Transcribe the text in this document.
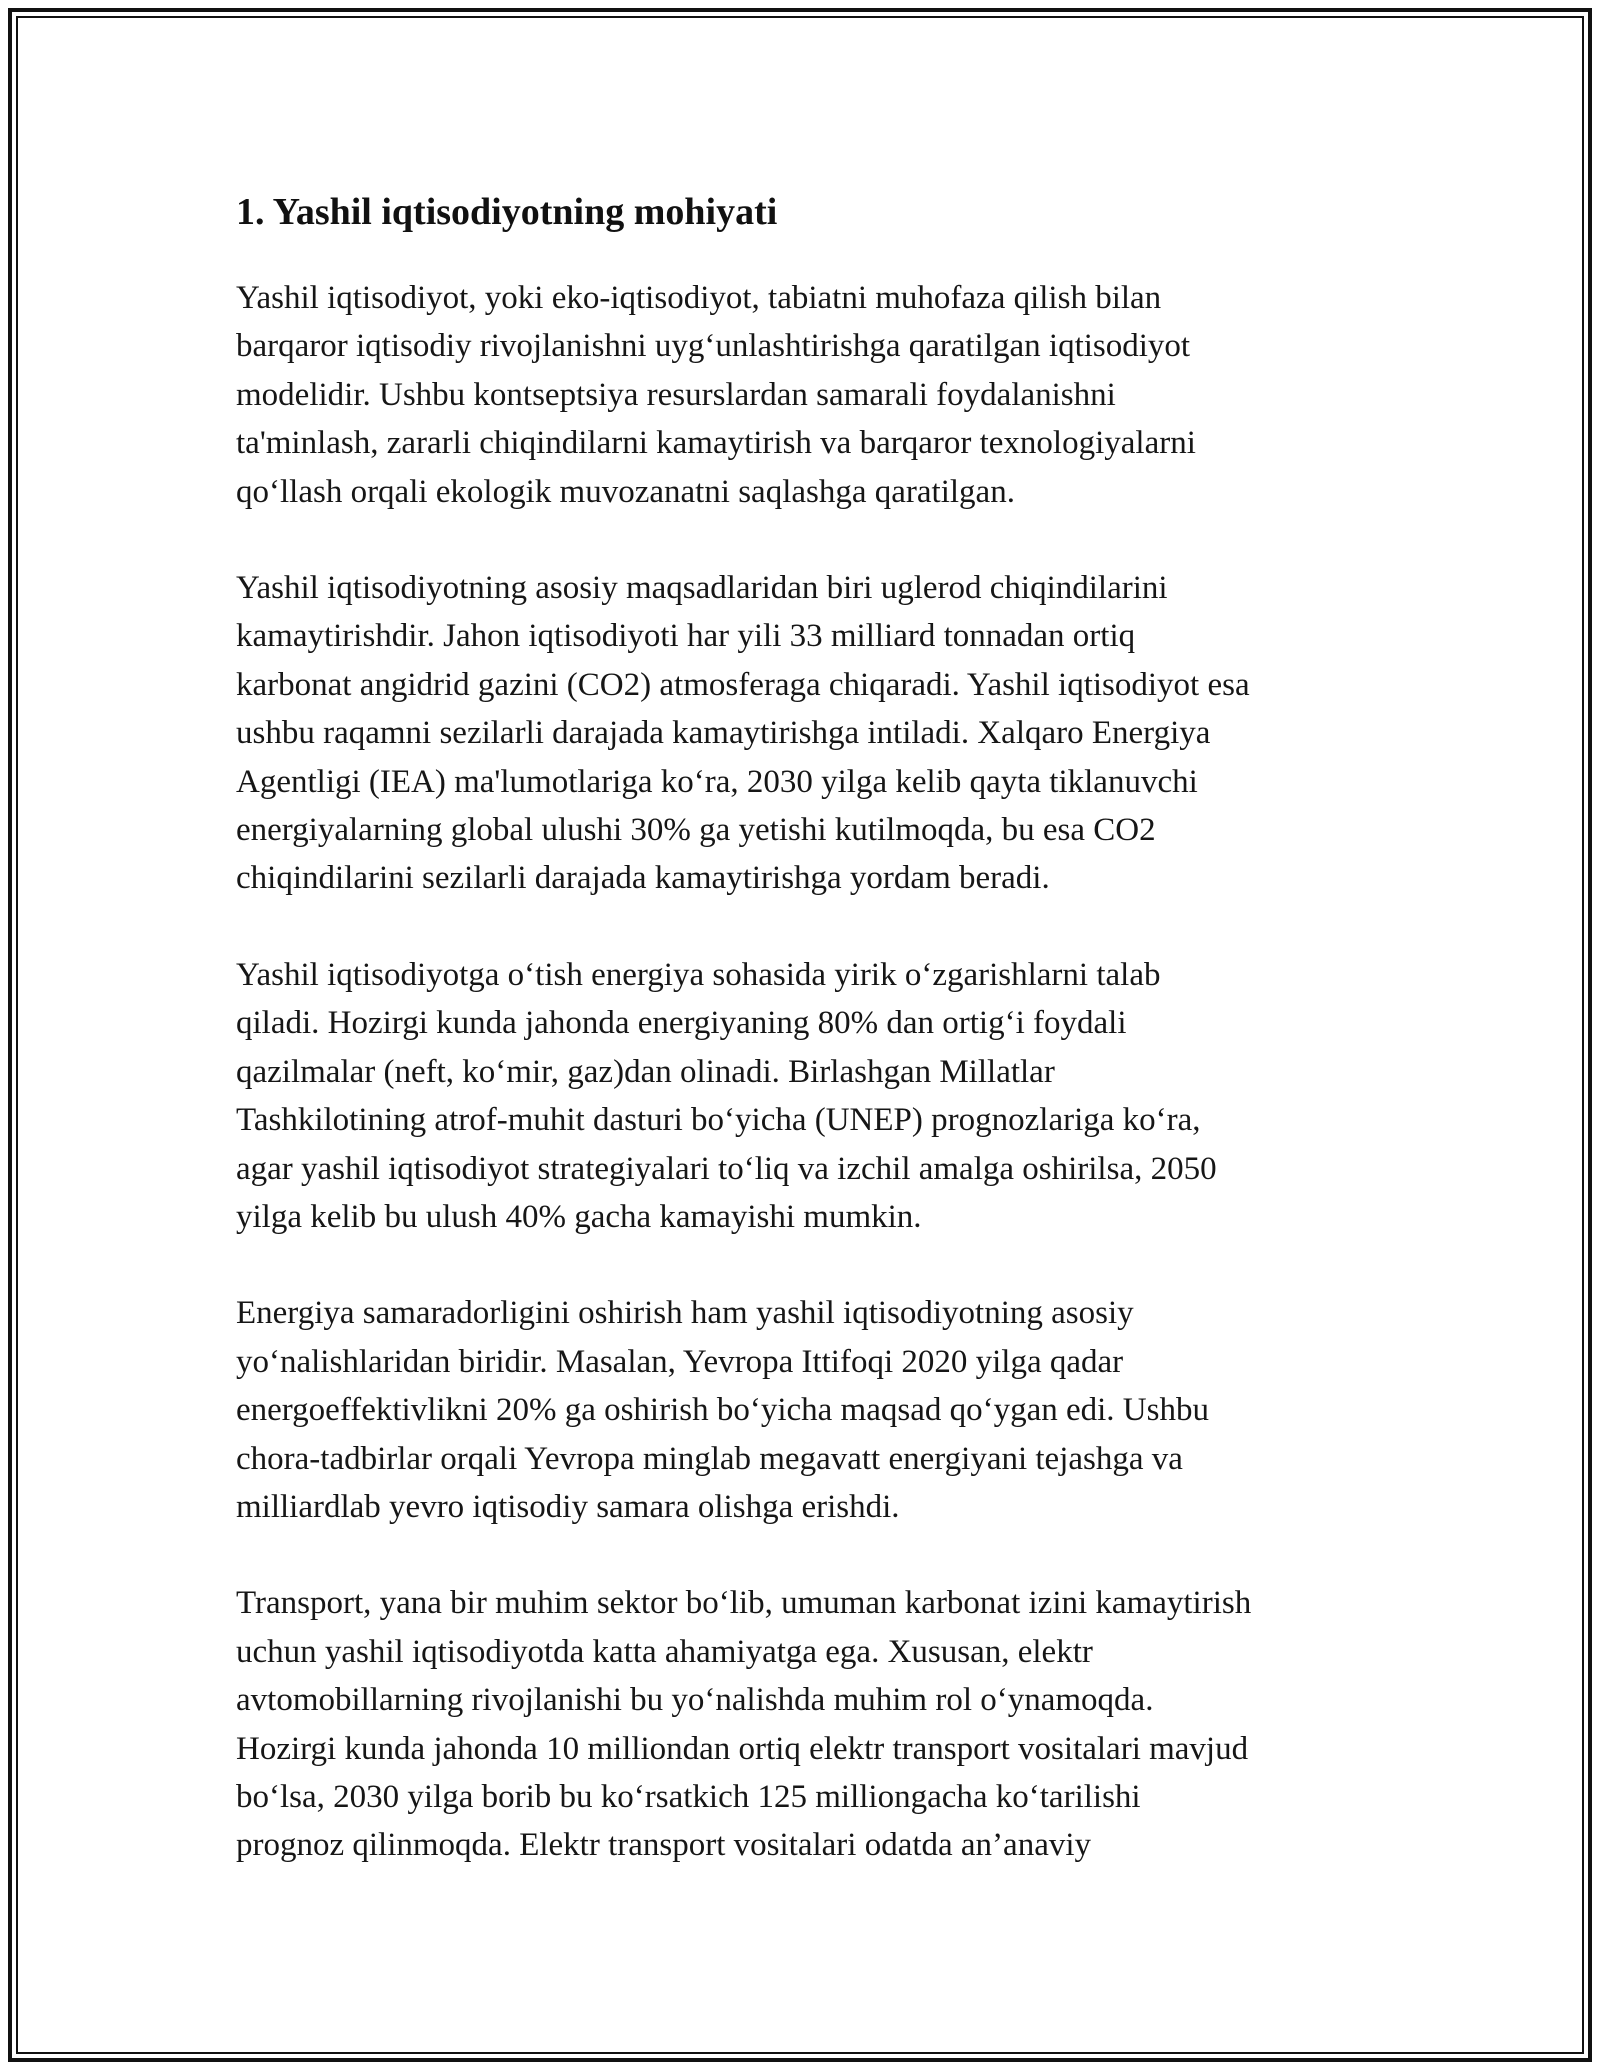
1. Yashil iqtisodiyotning mohiyati

Yashil iqtisodiyot, yoki eko-iqtisodiyot, tabiatni muhofaza qilish bilan
barqaror iqtisodiy rivojlanishni uyg‘unlashtirishga qaratilgan iqtisodiyot
modelidir. Ushbu kontseptsiya resurslardan samarali foydalanishni
ta'minlash, zararli chiqindilarni kamaytirish va barqaror texnologiyalarni
qo‘llash orqali ekologik muvozanatni saqlashga qaratilgan.

Yashil iqtisodiyotning asosiy maqsadlaridan biri uglerod chiqindilarini
kamaytirishdir. Jahon iqtisodiyoti har yili 33 milliard tonnadan ortiq
karbonat angidrid gazini (CO2) atmosferaga chiqaradi. Yashil iqtisodiyot esa
ushbu raqamni sezilarli darajada kamaytirishga intiladi. Xalqaro Energiya
Agentligi (IEA) ma'lumotlariga ko‘ra, 2030 yilga kelib qayta tiklanuvchi
energiyalarning global ulushi 30% ga yetishi kutilmoqda, bu esa CO2
chiqindilarini sezilarli darajada kamaytirishga yordam beradi.

Yashil iqtisodiyotga o‘tish energiya sohasida yirik o‘zgarishlarni talab
qiladi. Hozirgi kunda jahonda energiyaning 80% dan ortig‘i foydali
qazilmalar (neft, ko‘mir, gaz)dan olinadi. Birlashgan Millatlar
Tashkilotining atrof-muhit dasturi bo‘yicha (UNEP) prognozlariga ko‘ra,
agar yashil iqtisodiyot strategiyalari to‘liq va izchil amalga oshirilsa, 2050
yilga kelib bu ulush 40% gacha kamayishi mumkin.

Energiya samaradorligini oshirish ham yashil iqtisodiyotning asosiy
yo‘nalishlaridan biridir. Masalan, Yevropa Ittifoqi 2020 yilga qadar
energoeffektivlikni 20% ga oshirish bo‘yicha maqsad qo‘ygan edi. Ushbu
chora-tadbirlar orqali Yevropa minglab megavatt energiyani tejashga va
milliardlab yevro iqtisodiy samara olishga erishdi.

Transport, yana bir muhim sektor bo‘lib, umuman karbonat izini kamaytirish
uchun yashil iqtisodiyotda katta ahamiyatga ega. Xususan, elektr
avtomobillarning rivojlanishi bu yo‘nalishda muhim rol o‘ynamoqda.
Hozirgi kunda jahonda 10 milliondan ortiq elektr transport vositalari mavjud
bo‘lsa, 2030 yilga borib bu ko‘rsatkich 125 milliongacha ko‘tarilishi
prognoz qilinmoqda. Elektr transport vositalari odatda an’anaviy
